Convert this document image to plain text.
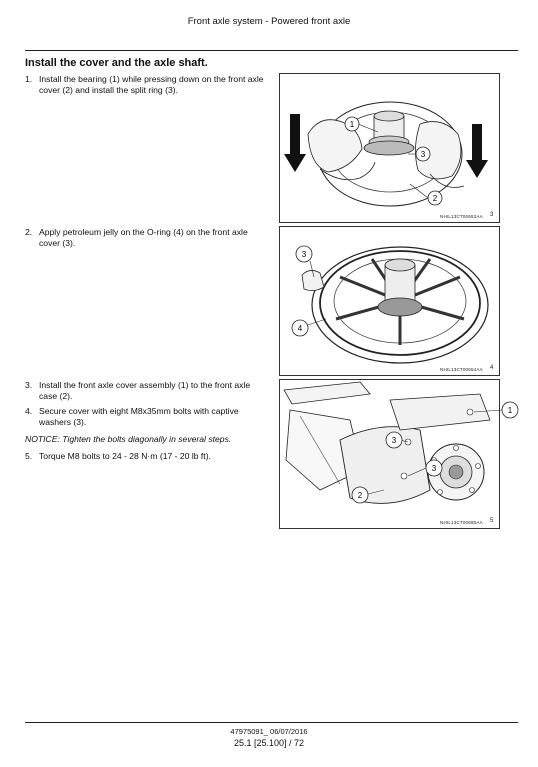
Front axle system - Powered front axle
Install the cover and the axle shaft.
1. Install the bearing (1) while pressing down on the front axle cover (2) and install the split ring (3).
1
3
2
NHIL13CT00653AA 3
2. Apply petroleum jelly on the O-ring (4) on the front axle cover (3).
3
4
NHIL13CT00654AA 4
3. Install the front axle cover assembly (1) to the front axle case (2).
4. Secure cover with eight M8x35mm bolts with captive washers (3).
NOTICE: Tighten the bolts diagonally in several steps.
5. Torque M8 bolts to 24 - 28 N·m (17 - 20 lb ft).
1
3
3
2
NHIL13CT00680AA 5
47975091_ 06/07/2016
25.1 [25.100] / 72
